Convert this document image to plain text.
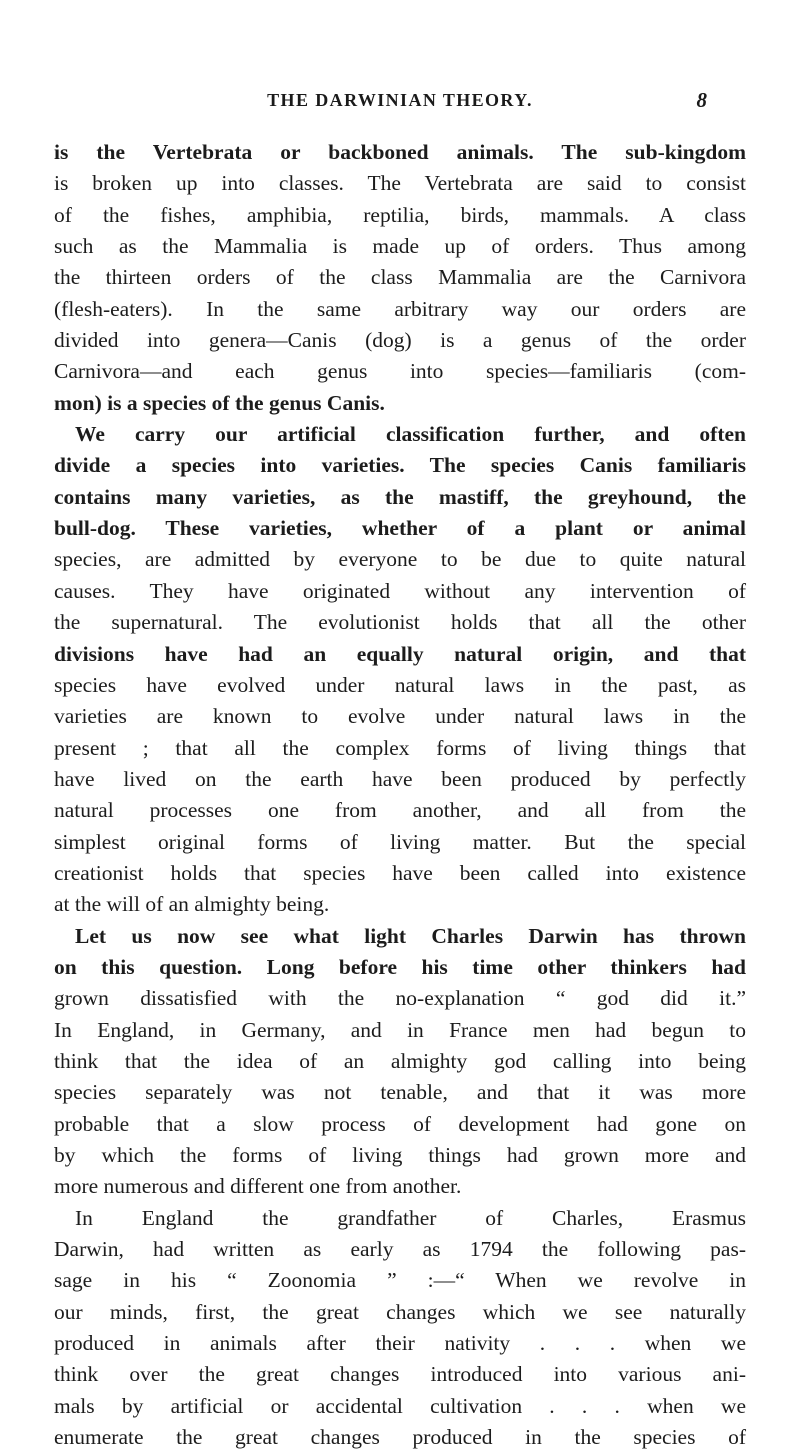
THE DARWINIAN THEORY.	8
is the Vertebrata or backboned animals. The sub-kingdom
is broken up into classes. The Vertebrata are said to consist
of the fishes, amphibia, reptilia, birds, mammals. A class
such as the Mammalia is made up of orders. Thus among
the thirteen orders of the class Mammalia are the Carnivora
(flesh-eaters). In the same arbitrary way our orders are
divided into genera—Canis (dog) is a genus of the order
Carnivora—and each genus into species—familiaris (com-
mon) is a species of the genus Canis.
We carry our artificial classification further, and often
divide a species into varieties. The species Canis familiaris
contains many varieties, as the mastiff, the greyhound, the
bull-dog. These varieties, whether of a plant or animal
species, are admitted by everyone to be due to quite natural
causes. They have originated without any intervention of
the supernatural. The evolutionist holds that all the other
divisions have had an equally natural origin, and that
species have evolved under natural laws in the past, as
varieties are known to evolve under natural laws in the
present ; that all the complex forms of living things that
have lived on the earth have been produced by perfectly
natural processes one from another, and all from the
simplest original forms of living matter. But the special
creationist holds that species have been called into existence
at the will of an almighty being.
Let us now see what light Charles Darwin has thrown
on this question. Long before his time other thinkers had
grown dissatisfied with the no-explanation “ god did it.”
In England, in Germany, and in France men had begun to
think that the idea of an almighty god calling into being
species separately was not tenable, and that it was more
probable that a slow process of development had gone on
by which the forms of living things had grown more and
more numerous and different one from another.
In England the grandfather of Charles, Erasmus
Darwin, had written as early as 1794 the following pas-
sage in his “ Zoonomia ” :—“ When we revolve in
our minds, first, the great changes which we see naturally
produced in animals after their nativity . . . when we
think over the great changes introduced into various ani-
mals by artificial or accidental cultivation . . . when we
enumerate the great changes produced in the species of
